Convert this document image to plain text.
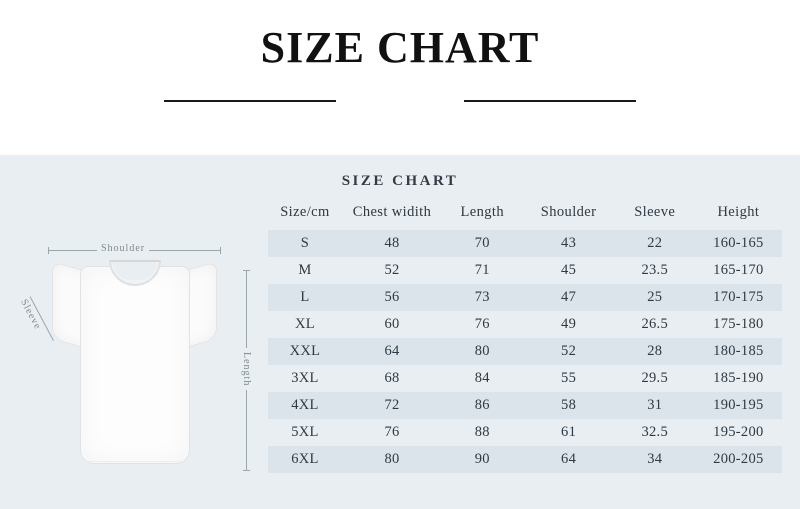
SIZE CHART
SIZE CHART
Shoulder
Sleeve
Length
Size/cm	Chest widith	Length	Shoulder	Sleeve	Height
S	48	70	43	22	160-165
M	52	71	45	23.5	165-170
L	56	73	47	25	170-175
XL	60	76	49	26.5	175-180
XXL	64	80	52	28	180-185
3XL	68	84	55	29.5	185-190
4XL	72	86	58	31	190-195
5XL	76	88	61	32.5	195-200
6XL	80	90	64	34	200-205
